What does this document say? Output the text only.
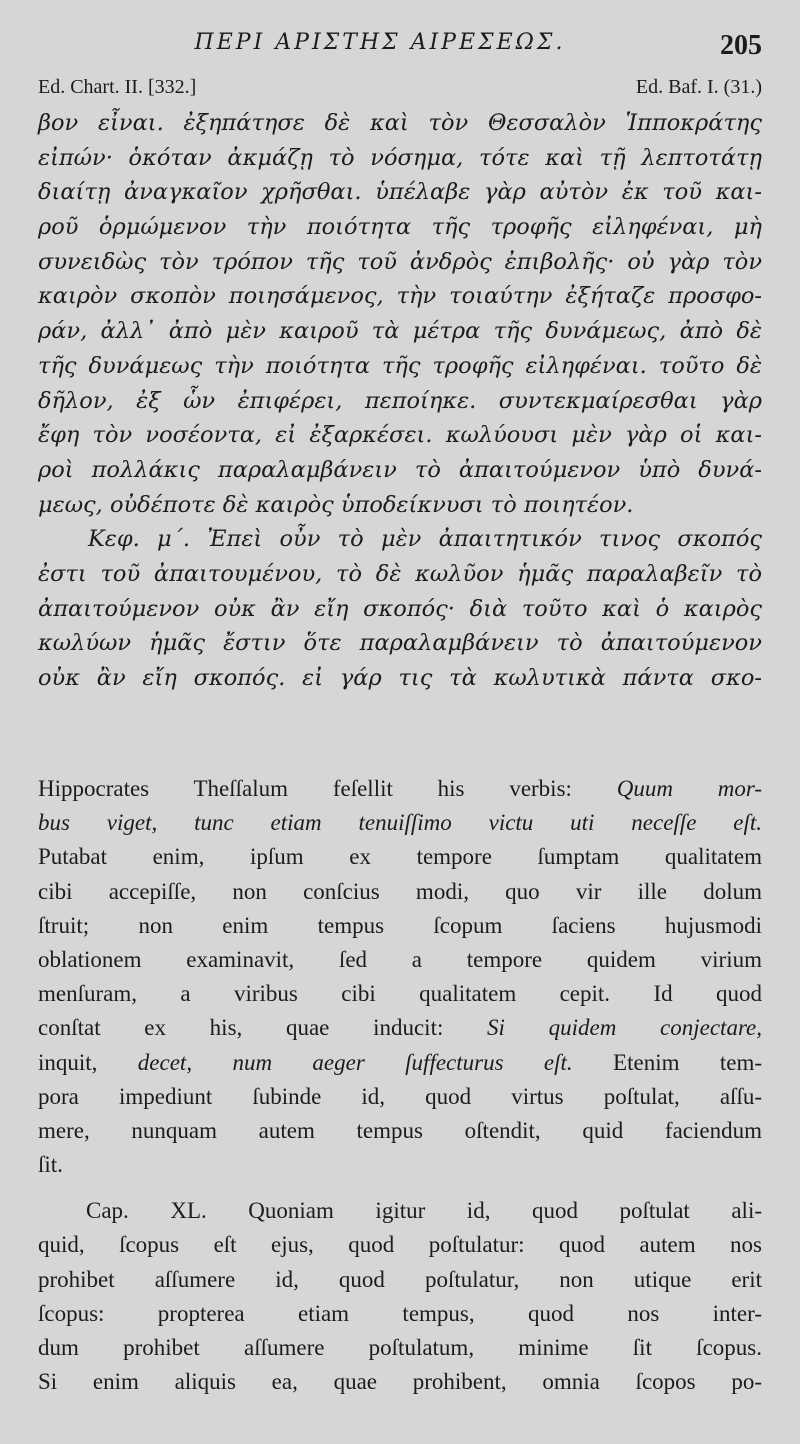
ΠΕΡΙ ΑΡΙΣΤΗΣ ΑΙΡΕΣΕΩΣ.	205
Ed. Chart. II. [332.]	Ed. Baf. I. (31.)
βον εἶναι. ἐξηπάτησε δὲ καὶ τὸν Θεσσαλὸν Ἱπποκράτης
εἰπών· ὁκόταν ἀκμάζῃ τὸ νόσημα, τότε καὶ τῇ λεπτοτάτῃ
διαίτῃ ἀναγκαῖον χρῆσθαι. ὑπέλαβε γὰρ αὐτὸν ἐκ τοῦ και-
ροῦ ὁρμώμενον τὴν ποιότητα τῆς τροφῆς εἰληφέναι, μὴ
συνειδὼς τὸν τρόπον τῆς τοῦ ἀνδρὸς ἐπιβολῆς· οὐ γὰρ τὸν
καιρὸν σκοπὸν ποιησάμενος, τὴν τοιαύτην ἐξήταζε προσφο-
ράν, ἀλλ᾽ ἀπὸ μὲν καιροῦ τὰ μέτρα τῆς δυνάμεως, ἀπὸ δὲ
τῆς δυνάμεως τὴν ποιότητα τῆς τροφῆς εἰληφέναι. τοῦτο δὲ
δῆλον, ἐξ ὧν ἐπιφέρει, πεποίηκε. συντεκμαίρεσθαι γὰρ
ἔφη τὸν νοσέοντα, εἰ ἐξαρκέσει. κωλύουσι μὲν γὰρ οἱ και-
ροὶ πολλάκις παραλαμβάνειν τὸ ἀπαιτούμενον ὑπὸ δυνά-
μεως, οὐδέποτε δὲ καιρὸς ὑποδείκνυσι τὸ ποιητέον.
Κεφ. μ΄. Ἐπεὶ οὖν τὸ μὲν ἀπαιτητικόν τινος σκοπός
ἐστι τοῦ ἀπαιτουμένου, τὸ δὲ κωλῦον ἡμᾶς παραλαβεῖν τὸ
ἀπαιτούμενον οὐκ ἂν εἴη σκοπός· διὰ τοῦτο καὶ ὁ καιρὸς
κωλύων ἡμᾶς ἔστιν ὅτε παραλαμβάνειν τὸ ἀπαιτούμενον
οὐκ ἂν εἴη σκοπός. εἰ γάρ τις τὰ κωλυτικὰ πάντα σκο-
Hippocrates Theſſalum feſellit his verbis: Quum mor-
bus viget, tunc etiam tenuiſſimo victu uti neceſſe eſt.
Putabat enim, ipſum ex tempore ſumptam qualitatem
cibi accepiſſe, non conſcius modi, quo vir ille dolum
ſtruit; non enim tempus ſcopum ſaciens hujusmodi
oblationem examinavit, ſed a tempore quidem virium
menſuram, a viribus cibi qualitatem cepit. Id quod
conſtat ex his, quae inducit: Si quidem conjectare,
inquit, decet, num aeger ſuffecturus eſt. Etenim tem-
pora impediunt ſubinde id, quod virtus poſtulat, aſſu-
mere, nunquam autem tempus oſtendit, quid faciendum
ſit.
Cap. XL. Quoniam igitur id, quod poſtulat ali-
quid, ſcopus eſt ejus, quod poſtulatur: quod autem nos
prohibet aſſumere id, quod poſtulatur, non utique erit
ſcopus: propterea etiam tempus, quod nos inter-
dum prohibet aſſumere poſtulatum, minime ſit ſcopus.
Si enim aliquis ea, quae prohibent, omnia ſcopos po-
